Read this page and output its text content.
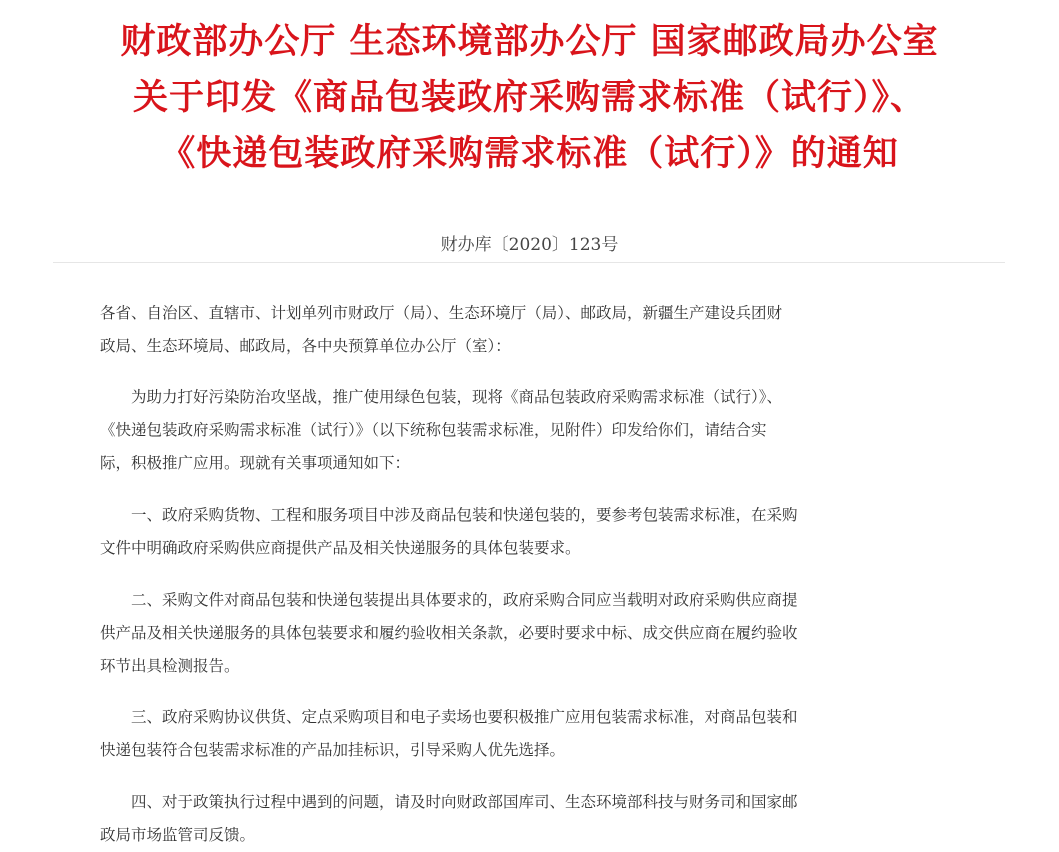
财政部办公厅 生态环境部办公厅 国家邮政局办公室
关于印发《商品包装政府采购需求标准（试行）》、
《快递包装政府采购需求标准（试行）》的通知
财办库〔2020〕123号
各省、自治区、直辖市、计划单列市财政厅（局）、生态环境厅（局）、邮政局，新疆生产建设兵团财
政局、生态环境局、邮政局，各中央预算单位办公厅（室）：
　　为助力打好污染防治攻坚战，推广使用绿色包装，现将《商品包装政府采购需求标准（试行）》、
《快递包装政府采购需求标准（试行）》（以下统称包装需求标准，见附件）印发给你们，请结合实
际，积极推广应用。现就有关事项通知如下：
　　一、政府采购货物、工程和服务项目中涉及商品包装和快递包装的，要参考包装需求标准，在采购
文件中明确政府采购供应商提供产品及相关快递服务的具体包装要求。
　　二、采购文件对商品包装和快递包装提出具体要求的，政府采购合同应当载明对政府采购供应商提
供产品及相关快递服务的具体包装要求和履约验收相关条款，必要时要求中标、成交供应商在履约验收
环节出具检测报告。
　　三、政府采购协议供货、定点采购项目和电子卖场也要积极推广应用包装需求标准，对商品包装和
快递包装符合包装需求标准的产品加挂标识，引导采购人优先选择。
　　四、对于政策执行过程中遇到的问题，请及时向财政部国库司、生态环境部科技与财务司和国家邮
政局市场监管司反馈。
